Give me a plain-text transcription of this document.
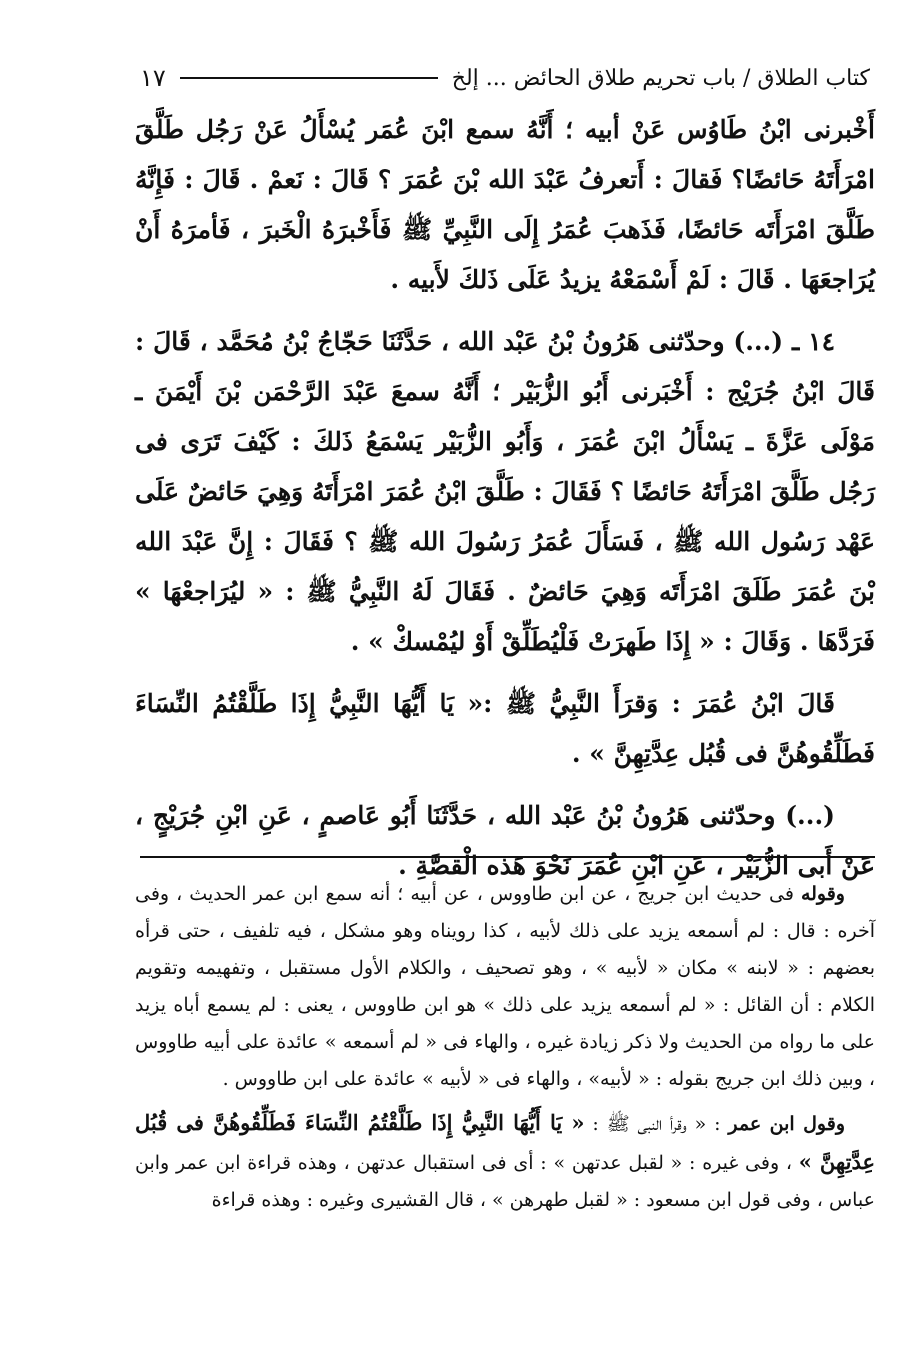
كتاب الطلاق / باب تحريم طلاق الحائض ... إلخ
١٧

أَخْبرنى ابْنُ طَاوُس عَنْ أبيه ؛ أَنَّهُ سمع ابْنَ عُمَر يُسْأَلُ عَنْ رَجُل طَلَّقَ امْرَأَتَهُ حَائضًا؟ فَقالَ : أَتعرفُ عَبْدَ الله بْنَ عُمَرَ ؟ قَالَ : نَعمْ . قَالَ : فَإِنَّهُ طَلَّقَ امْرَأَتَه حَائضًا، فَذَهبَ عُمَرُ إِلَى النَّبِيِّ ﷺ فَأَخْبرَهُ الْخَبرَ ، فَأمرَهُ أَنْ يُرَاجعَهَا . قَالَ : لَمْ أَسْمَعْهُ يزيدُ عَلَى ذَلكَ لأَبيه .

١٤ ـ (...) وحدّثنى هَرُونُ بْنُ عَبْد الله ، حَدَّثَنَا حَجّاجُ بْنُ مُحَمَّد ، قَالَ : قَالَ ابْنُ جُرَيْج : أَخْبَرنى أَبُو الزُّبَيْر ؛ أَنَّهُ سمعَ عَبْدَ الرَّحْمَن بْنَ أَيْمَنَ ـ مَوْلَى عَزَّةَ ـ يَسْأَلُ ابْنَ عُمَرَ ، وَأَبُو الزُّبَيْر يَسْمَعُ ذَلكَ : كَيْفَ تَرَى فى رَجُل طَلَّقَ امْرَأَتَهُ حَائضًا ؟ فَقَالَ : طَلَّقَ ابْنُ عُمَرَ امْرَأَتَهُ وَهِيَ حَائضٌ عَلَى عَهْد رَسُول الله ﷺ ، فَسَأَلَ عُمَرُ رَسُولَ الله ﷺ ؟ فَقَالَ : إِنَّ عَبْدَ الله بْنَ عُمَرَ طَلَقَ امْرَأَتَه وَهِيَ حَائضٌ . فَقَالَ لَهُ النَّبِيُّ ﷺ : « ليُرَاجعْهَا » فَرَدَّهَا . وَقَالَ : « إِذَا طَهرَتْ فَلْيُطَلِّقْ أَوْ ليُمْسكْ » .

قَالَ ابْنُ عُمَرَ : وَقرَأَ النَّبِيُّ ﷺ :« يَا أَيُّهَا النَّبِيُّ إِذَا طَلَّقْتُمُ النِّسَاءَ فَطَلِّقُوهُنَّ فى قُبُل عِدَّتِهِنَّ » .

(...) وحدّثنى هَرُونُ بْنُ عَبْد الله ، حَدَّثَنَا أَبُو عَاصمٍ ، عَنِ ابْنِ جُرَيْجٍ ، عَنْ أَبى الزُّبَيْر ، عَنِ ابْنِ عُمَرَ نَحْوَ هَذه الْقصَّةِ .

وقوله فى حديث ابن جريج ، عن ابن طاووس ، عن أبيه ؛ أنه سمع ابن عمر الحديث ، وفى آخره : قال : لم أسمعه يزيد على ذلك لأبيه ، كذا رويناه وهو مشكل ، فيه تلفيف ، حتى قرأه بعضهم : « لابنه » مكان « لأبيه » ، وهو تصحيف ، والكلام الأول مستقبل ، وتفهيمه وتقويم الكلام : أن القائل : « لم أسمعه يزيد على ذلك » هو ابن طاووس ، يعنى : لم يسمع أباه يزيد على ما رواه من الحديث ولا ذكر زيادة غيره ، والهاء فى « لم أسمعه » عائدة على أبيه طاووس ، وبين ذلك ابن جريج بقوله : « لأبيه» ، والهاء فى « لأبيه » عائدة على ابن طاووس .

وقول ابن عمر : « وقرأ النبى ﷺ : « يَا أَيُّهَا النَّبِيُّ إِذَا طَلَّقْتُمُ النِّسَاءَ فَطَلِّقُوهُنَّ فى قُبُل عِدَّتِهِنَّ » ، وفى غيره : « لقبل عدتهن » : أى فى استقبال عدتهن ، وهذه قراءة ابن عمر وابن عباس ، وفى قول ابن مسعود : « لقبل طهرهن » ، قال القشيرى وغيره : وهذه قراءة
